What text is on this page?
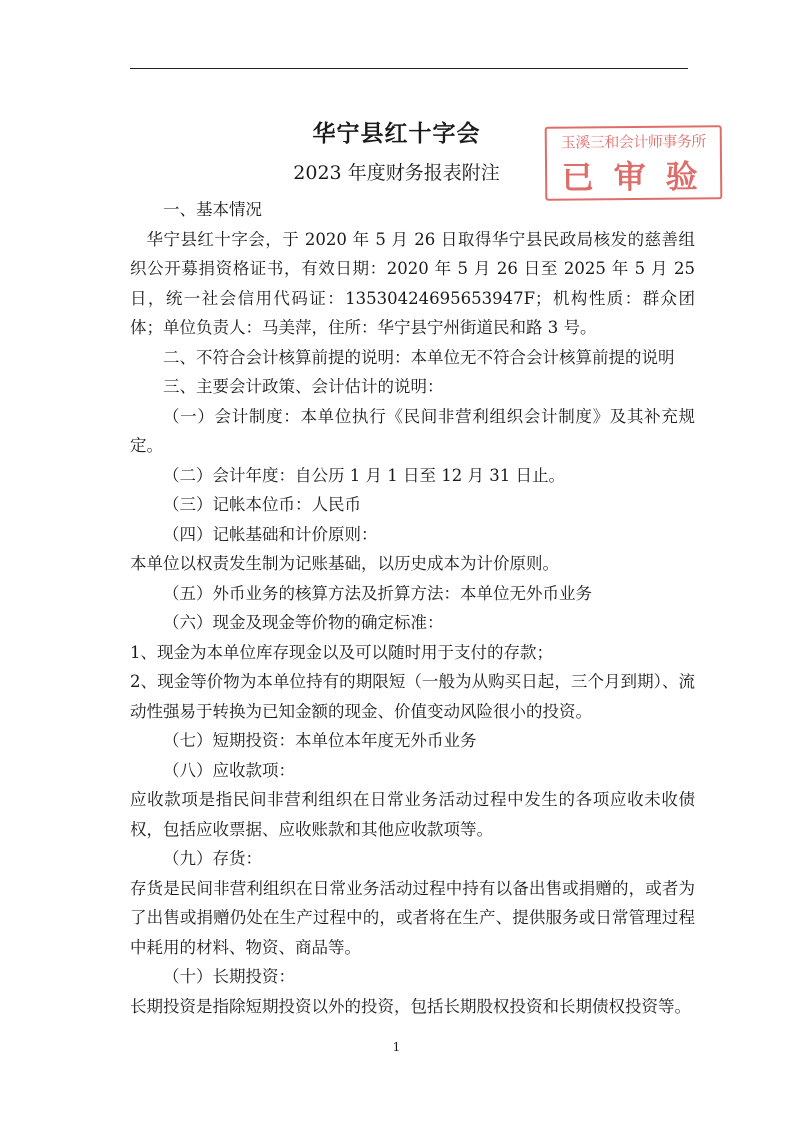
华宁县红十字会
2023 年度财务报表附注
玉溪三和会计师事务所
已审验

一、基本情况

华宁县红十字会，于 2020 年 5 月 26 日取得华宁县民政局核发的慈善组织公开募捐资格证书，有效日期：2020 年 5 月 26 日至 2025 年 5 月 25 日，统一社会信用代码证：13530424695653947F；机构性质：群众团体；单位负责人：马美萍，住所：华宁县宁州街道民和路 3 号。

二、不符合会计核算前提的说明：本单位无不符合会计核算前提的说明

三、主要会计政策、会计估计的说明：

（一）会计制度：本单位执行《民间非营利组织会计制度》及其补充规定。

（二）会计年度：自公历 1 月 1 日至 12 月 31 日止。

（三）记帐本位币：人民币

（四）记帐基础和计价原则：

本单位以权责发生制为记账基础，以历史成本为计价原则。

（五）外币业务的核算方法及折算方法：本单位无外币业务

（六）现金及现金等价物的确定标准：

1、现金为本单位库存现金以及可以随时用于支付的存款；

2、现金等价物为本单位持有的期限短（一般为从购买日起，三个月到期）、流动性强易于转换为已知金额的现金、价值变动风险很小的投资。

（七）短期投资：本单位本年度无外币业务

（八）应收款项：

应收款项是指民间非营利组织在日常业务活动过程中发生的各项应收未收债权，包括应收票据、应收账款和其他应收款项等。

（九）存货：

存货是民间非营利组织在日常业务活动过程中持有以备出售或捐赠的，或者为了出售或捐赠仍处在生产过程中的，或者将在生产、提供服务或日常管理过程中耗用的材料、物资、商品等。

（十）长期投资：

长期投资是指除短期投资以外的投资，包括长期股权投资和长期债权投资等。

1
